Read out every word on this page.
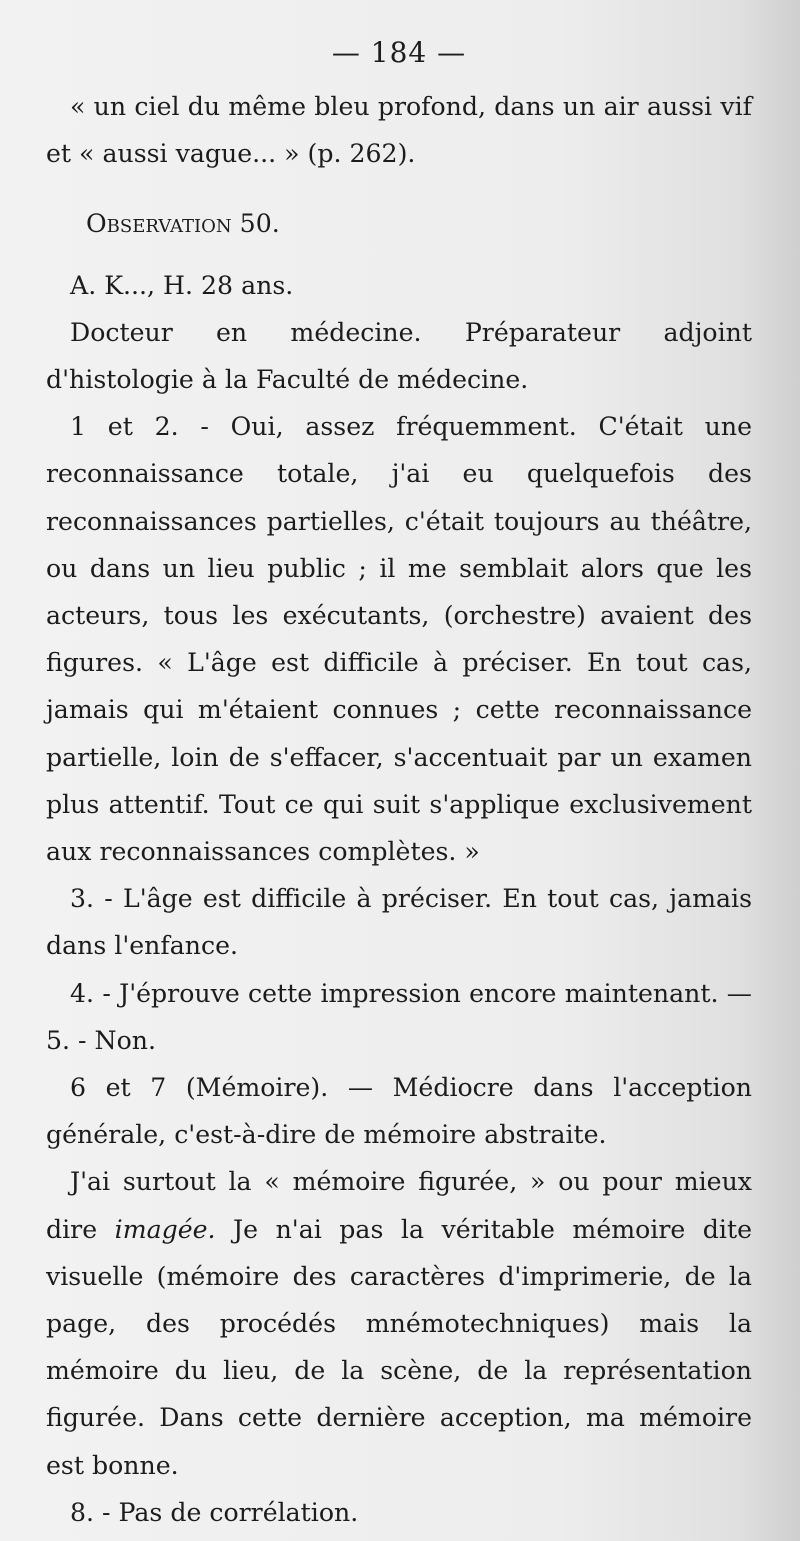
— 184 —

« un ciel du même bleu profond, dans un air aussi vif et « aussi vague... » (p. 262).

Observation 50.

A. K..., H. 28 ans.

Docteur en médecine. Préparateur adjoint d'histologie à la Faculté de médecine.

1 et 2. - Oui, assez fréquemment. C'était une reconnaissance totale, j'ai eu quelquefois des reconnaissances partielles, c'était toujours au théâtre, ou dans un lieu public ; il me semblait alors que les acteurs, tous les exécutants, (orchestre) avaient des figures. « L'âge est difficile à préciser. En tout cas, jamais qui m'étaient connues ; cette reconnaissance partielle, loin de s'effacer, s'accentuait par un examen plus attentif. Tout ce qui suit s'applique exclusivement aux reconnaissances complètes. »

3. - L'âge est difficile à préciser. En tout cas, jamais dans l'enfance.

4. - J'éprouve cette impression encore maintenant. — 5. - Non.

6 et 7 (Mémoire). — Médiocre dans l'acception générale, c'est-à-dire de mémoire abstraite.

J'ai surtout la « mémoire figurée, » ou pour mieux dire imagée. Je n'ai pas la véritable mémoire dite visuelle (mémoire des caractères d'imprimerie, de la page, des procédés mnémotechniques) mais la mémoire du lieu, de la scène, de la représentation figurée. Dans cette dernière acception, ma mémoire est bonne.

8. - Pas de corrélation.
